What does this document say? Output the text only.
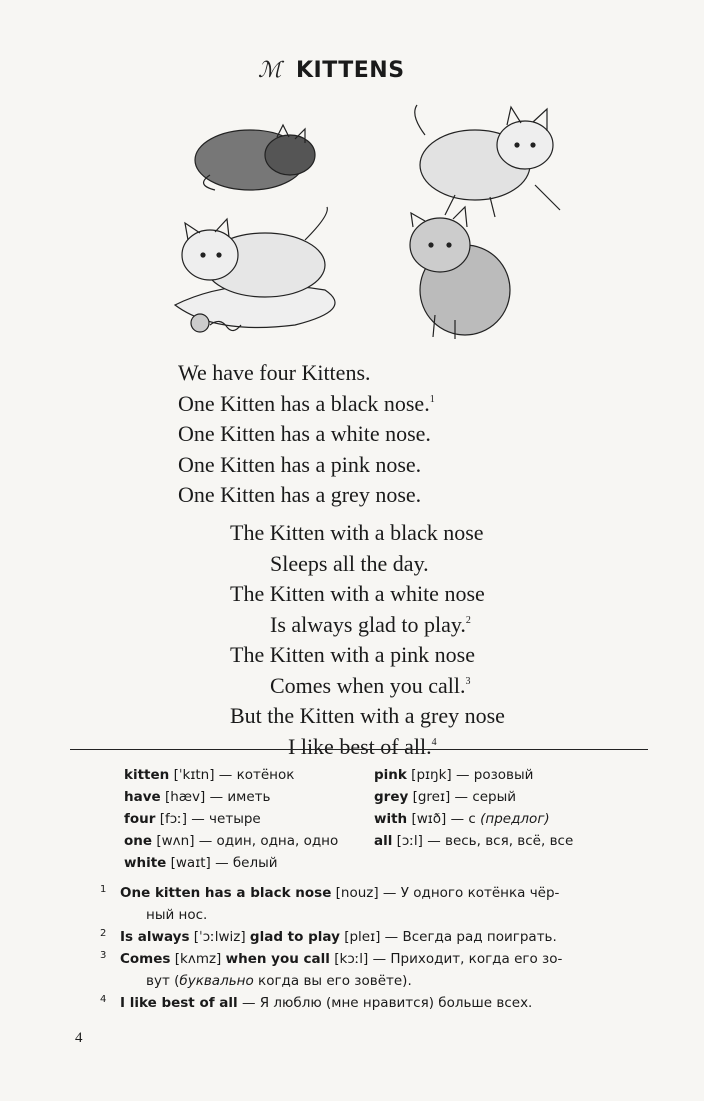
ℳ KITTENS
We have four Kittens.
One Kitten has a black nose.$^1$
One Kitten has a white nose.
One Kitten has a pink nose.
One Kitten has a grey nose.
The Kitten with a black nose
Sleeps all the day.
The Kitten with a white nose
Is always glad to play.$^2$
The Kitten with a pink nose
Comes when you call.$^3$
But the Kitten with a grey nose
I like best of all.$^4$
kitten [ˈkɪtn] — котёнок
have [hæv] — иметь
four [fɔː] — четыре
one [wʌn] — один, одна, одно
white [waɪt] — белый
pink [pɪŋk] — розовый
grey [greɪ] — серый
with [wɪð] — с (предлог)
all [ɔːl] — весь, вся, всё, все
1 One kitten has a black nose [nouz] — У одного котёнка чёр-
ный нос.
2 Is always [ˈɔːlwiz] glad to play [pleɪ] — Всегда рад поиграть.
3 Comes [kʌmz] when you call [kɔːl] — Приходит, когда его зо-
вут (буквально когда вы его зовёте).
4 I like best of all — Я люблю (мне нравится) больше всех.
4
